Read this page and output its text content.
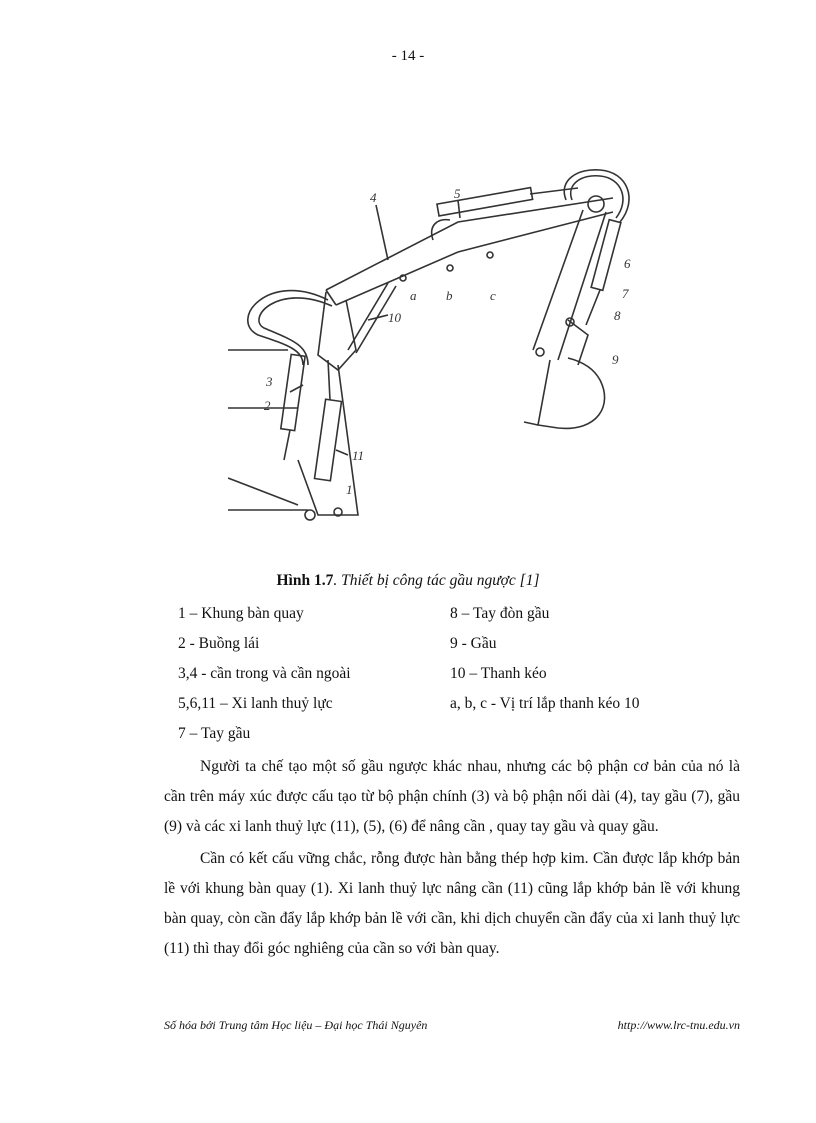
- 14 -
4	5
6
7
8
9
10
3
2
11
1
a b	c
Hình 1.7. Thiết bị công tác gầu ngược [1]
1 – Khung bàn quay	8 – Tay đòn gầu
2 - Buồng lái	9 - Gầu
3,4 - cần trong và cần ngoài	10 – Thanh kéo
5,6,11 – Xi lanh thuỷ lực	a, b, c - Vị trí lắp thanh kéo 10
7 – Tay gầu

Người ta chế tạo một số gầu ngược khác nhau, nhưng các bộ phận cơ bản của nó là cần trên máy xúc được cấu tạo từ bộ phận chính (3) và bộ phận nối dài (4), tay gầu (7), gầu (9) và các xi lanh thuỷ lực (11), (5), (6) để nâng cần , quay tay gầu và quay gầu.

Cần có kết cấu vững chắc, rỗng được hàn bằng thép hợp kim. Cần được lắp khớp bản lề với khung bàn quay (1). Xi lanh thuỷ lực nâng cần (11) cũng lắp khớp bản lề với khung bàn quay, còn cần đẩy lắp khớp bản lề với cần, khi dịch chuyển cần đẩy của xi lanh thuỷ lực (11) thì thay đổi góc nghiêng của cần so với bàn quay.

Số hóa bởi Trung tâm Học liệu – Đại học Thái Nguyên	http://www.lrc-tnu.edu.vn
